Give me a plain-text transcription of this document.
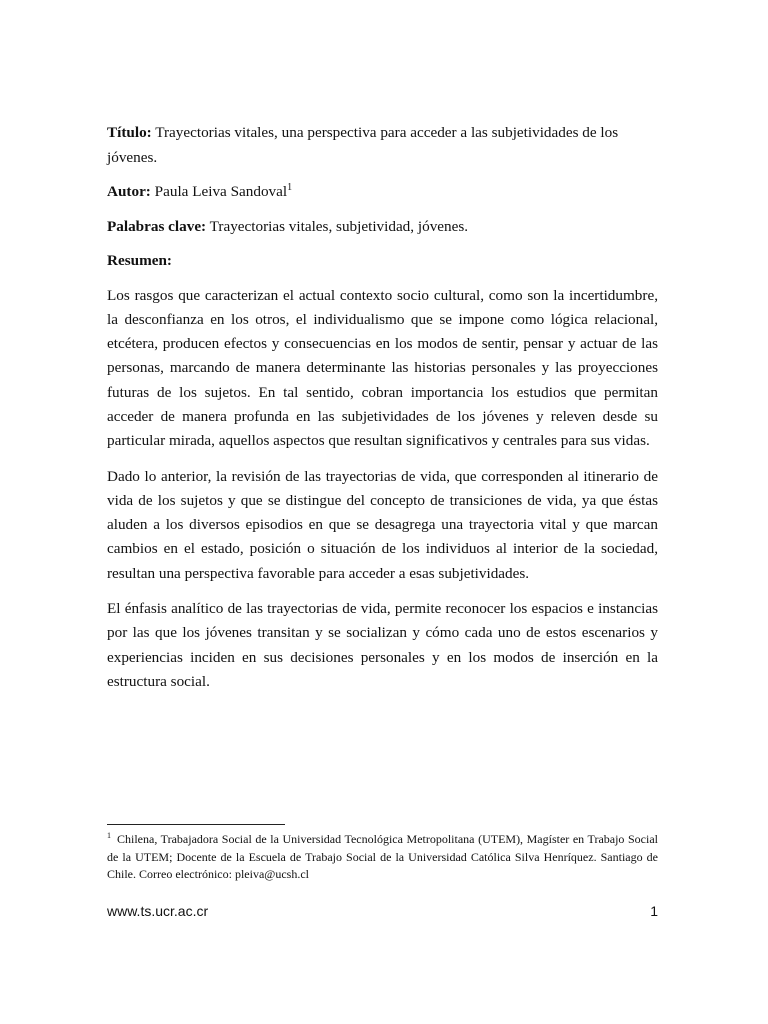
Título: Trayectorias vitales, una perspectiva para acceder a las subjetividades de los jóvenes.

Autor: Paula Leiva Sandoval$^1$

Palabras clave: Trayectorias vitales, subjetividad, jóvenes.

Resumen:

Los rasgos que caracterizan el actual contexto socio cultural, como son la incertidumbre, la desconfianza en los otros, el individualismo que se impone como lógica relacional, etcétera, producen efectos y consecuencias en los modos de sentir, pensar y actuar de las personas, marcando de manera determinante las historias personales y las proyecciones futuras de los sujetos. En tal sentido, cobran importancia los estudios que permitan acceder de manera profunda en las subjetividades de los jóvenes y releven desde su particular mirada, aquellos aspectos que resultan significativos y centrales para sus vidas.

Dado lo anterior, la revisión de las trayectorias de vida, que corresponden al itinerario de vida de los sujetos y que se distingue del concepto de transiciones de vida, ya que éstas aluden a los diversos episodios en que se desagrega una trayectoria vital y que marcan cambios en el estado, posición o situación de los individuos al interior de la sociedad, resultan una perspectiva favorable para acceder a esas subjetividades.

El énfasis analítico de las trayectorias de vida, permite reconocer los espacios e instancias por las que los jóvenes transitan y se socializan y cómo cada uno de estos escenarios y experiencias inciden en sus decisiones personales y en los modos de inserción en la estructura social.

$^1$ Chilena, Trabajadora Social de la Universidad Tecnológica Metropolitana (UTEM), Magíster en Trabajo Social de la UTEM; Docente de la Escuela de Trabajo Social de la Universidad Católica Silva Henríquez. Santiago de Chile. Correo electrónico: pleiva@ucsh.cl
www.ts.ucr.ac.cr	1
